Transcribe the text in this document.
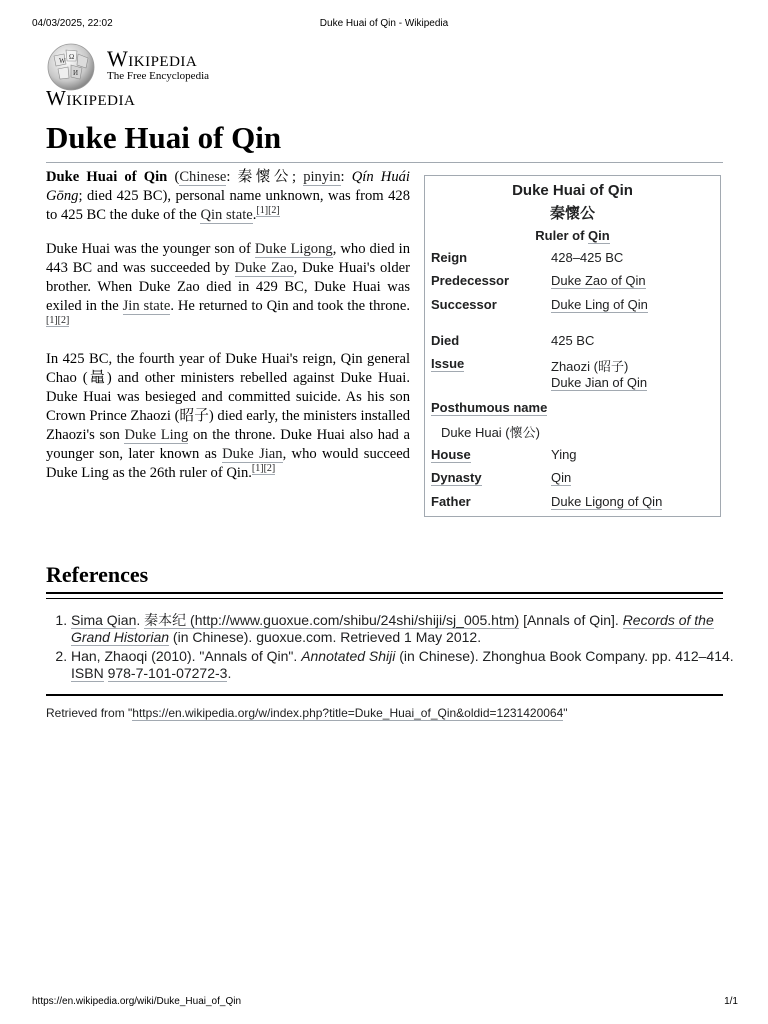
04/03/2025, 22:02	Duke Huai of Qin - Wikipedia
W Ω
И
Wikipedia
The Free Encyclopedia
Wikipedia
Duke Huai of Qin

Duke Huai of Qin (Chinese: 秦懷公; pinyin: Qín Huái Gōng; died 425 BC), personal name unknown, was from 428 to 425 BC the duke of the Qin state.[1][2]

Duke Huai was the younger son of Duke Ligong, who died in 443 BC and was succeeded by Duke Zao, Duke Huai's older brother. When Duke Zao died in 429 BC, Duke Huai was exiled in the Jin state. He returned to Qin and took the throne.[1][2]

In 425 BC, the fourth year of Duke Huai's reign, Qin general Chao (鼂) and other ministers rebelled against Duke Huai. Duke Huai was besieged and committed suicide. As his son Crown Prince Zhaozi (昭子) died early, the ministers installed Zhaozi's son Duke Ling on the throne. Duke Huai also had a younger son, later known as Duke Jian, who would succeed Duke Ling as the 26th ruler of Qin.[1][2]

Duke Huai of Qin
秦懷公
Ruler of Qin
Reign	428–425 BC
Predecessor	Duke Zao of Qin
Successor	Duke Ling of Qin
Died	425 BC
Issue	Zhaozi (昭子)
Duke Jian of Qin
Posthumous name
Duke Huai (懷公)
House	Ying
Dynasty	Qin
Father	Duke Ligong of Qin
References
1. Sima Qian. 秦本纪 (http://www.guoxue.com/shibu/24shi/shiji/sj_005.htm) [Annals of Qin]. Records of the Grand Historian (in Chinese). guoxue.com. Retrieved 1 May 2012.
2. Han, Zhaoqi (2010). "Annals of Qin". Annotated Shiji (in Chinese). Zhonghua Book Company. pp. 412–414. ISBN 978-7-101-07272-3.
Retrieved from "https://en.wikipedia.org/w/index.php?title=Duke_Huai_of_Qin&oldid=1231420064"
https://en.wikipedia.org/wiki/Duke_Huai_of_Qin	1/1
